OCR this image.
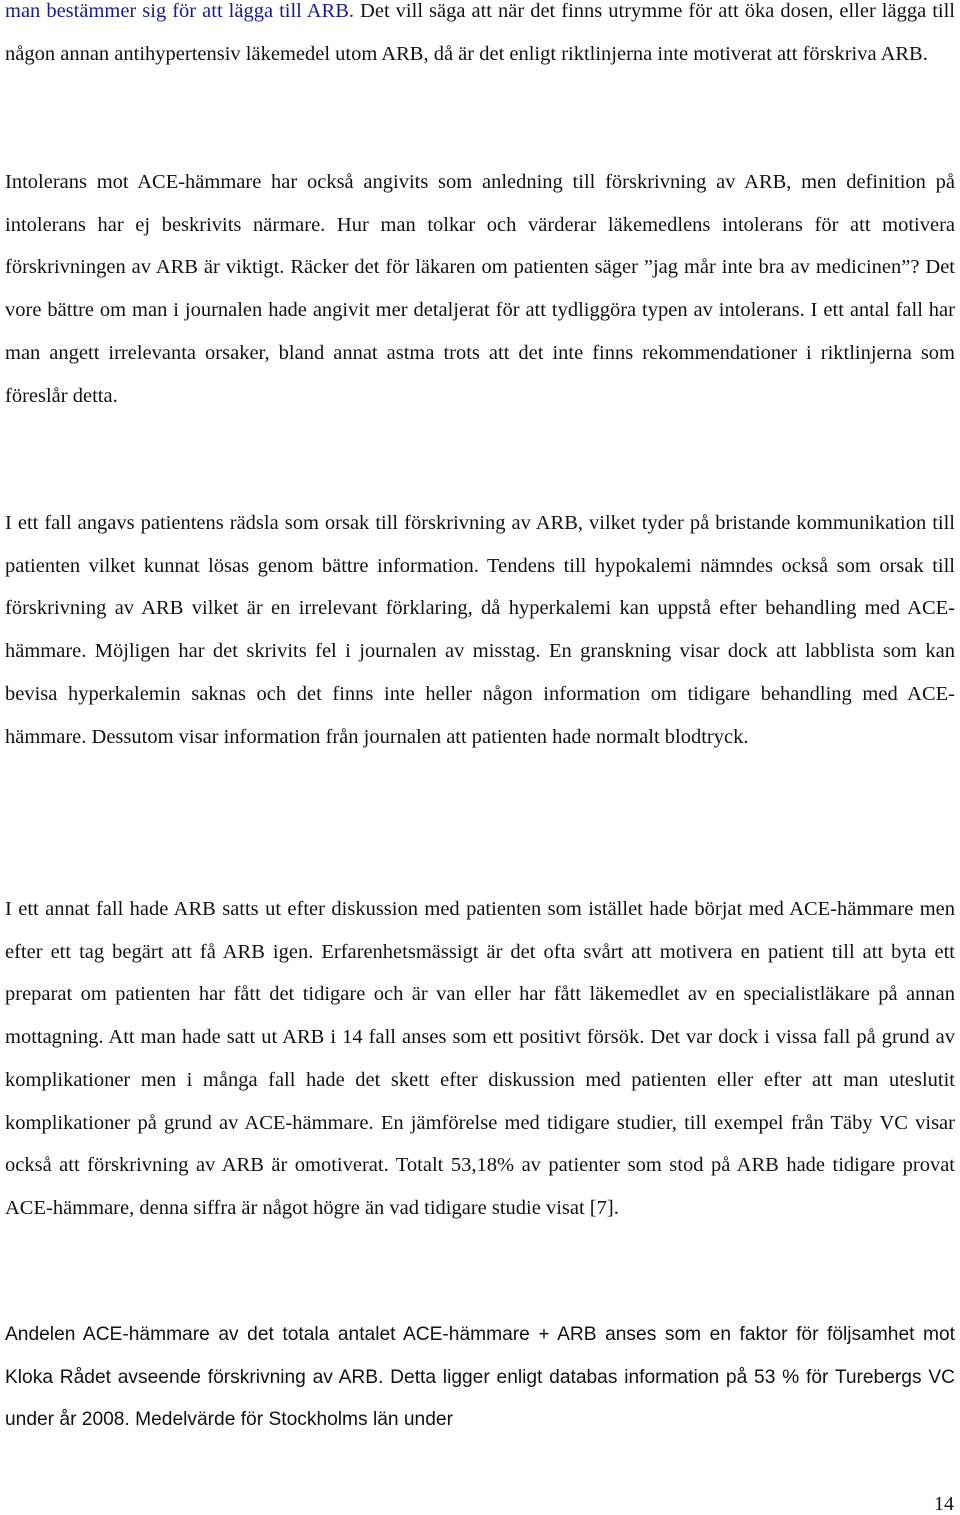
man bestämmer sig för att lägga till ARB. Det vill säga att när det finns utrymme för att öka dosen, eller lägga till någon annan antihypertensiv läkemedel utom ARB, då är det enligt riktlinjerna inte motiverat att förskriva ARB.

Intolerans mot ACE-hämmare har också angivits som anledning till förskrivning av ARB, men definition på intolerans har ej beskrivits närmare. Hur man tolkar och värderar läkemedlens intolerans för att motivera förskrivningen av ARB är viktigt. Räcker det för läkaren om patienten säger ”jag mår inte bra av medicinen”? Det vore bättre om man i journalen hade angivit mer detaljerat för att tydliggöra typen av intolerans. I ett antal fall har man angett irrelevanta orsaker, bland annat astma trots att det inte finns rekommendationer i riktlinjerna som föreslår detta.

I ett fall angavs patientens rädsla som orsak till förskrivning av ARB, vilket tyder på bristande kommunikation till patienten vilket kunnat lösas genom bättre information. Tendens till hypokalemi nämndes också som orsak till förskrivning av ARB vilket är en irrelevant förklaring, då hyperkalemi kan uppstå efter behandling med ACE-hämmare. Möjligen har det skrivits fel i journalen av misstag. En granskning visar dock att labblista som kan bevisa hyperkalemin saknas och det finns inte heller någon information om tidigare behandling med ACE-hämmare. Dessutom visar information från journalen att patienten hade normalt blodtryck.

I ett annat fall hade ARB satts ut efter diskussion med patienten som istället hade börjat med ACE-hämmare men efter ett tag begärt att få ARB igen. Erfarenhetsmässigt är det ofta svårt att motivera en patient till att byta ett preparat om patienten har fått det tidigare och är van eller har fått läkemedlet av en specialistläkare på annan mottagning. Att man hade satt ut ARB i 14 fall anses som ett positivt försök. Det var dock i vissa fall på grund av komplikationer men i många fall hade det skett efter diskussion med patienten eller efter att man uteslutit komplikationer på grund av ACE-hämmare. En jämförelse med tidigare studier, till exempel från Täby VC visar också att förskrivning av ARB är omotiverat. Totalt 53,18% av patienter som stod på ARB hade tidigare provat ACE-hämmare, denna siffra är något högre än vad tidigare studie visat [7].

Andelen ACE-hämmare av det totala antalet ACE-hämmare + ARB anses som en faktor för följsamhet mot Kloka Rådet avseende förskrivning av ARB. Detta ligger enligt databas information på 53 % för Turebergs VC under år 2008. Medelvärde för Stockholms län under

14
